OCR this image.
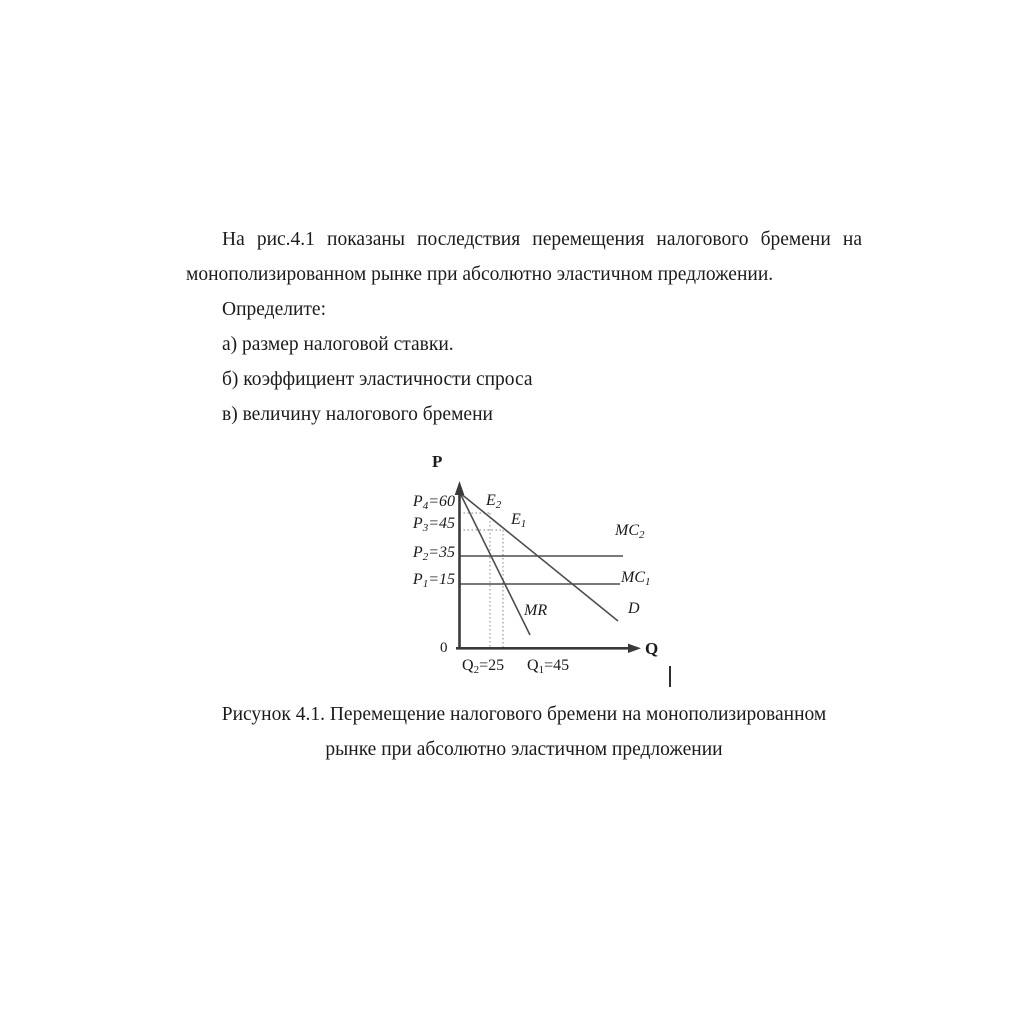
На рис.4.1 показаны последствия перемещения налогового бремени на
монополизированном рынке при абсолютно эластичном предложении.
Определите:
а) размер налоговой ставки.
б) коэффициент эластичности спроса
в) величину налогового бремени
P
Q
0
$P_4=60$
$P_3=45$
$P_2=35$
$P_1=15$
$E_2$
$E_1$	$MC_2$
$MC_1$
MR	D
$Q_2=25$ $Q_1=45$
Рисунок 4.1. Перемещение налогового бремени на монополизированном
рынке при абсолютно эластичном предложении
